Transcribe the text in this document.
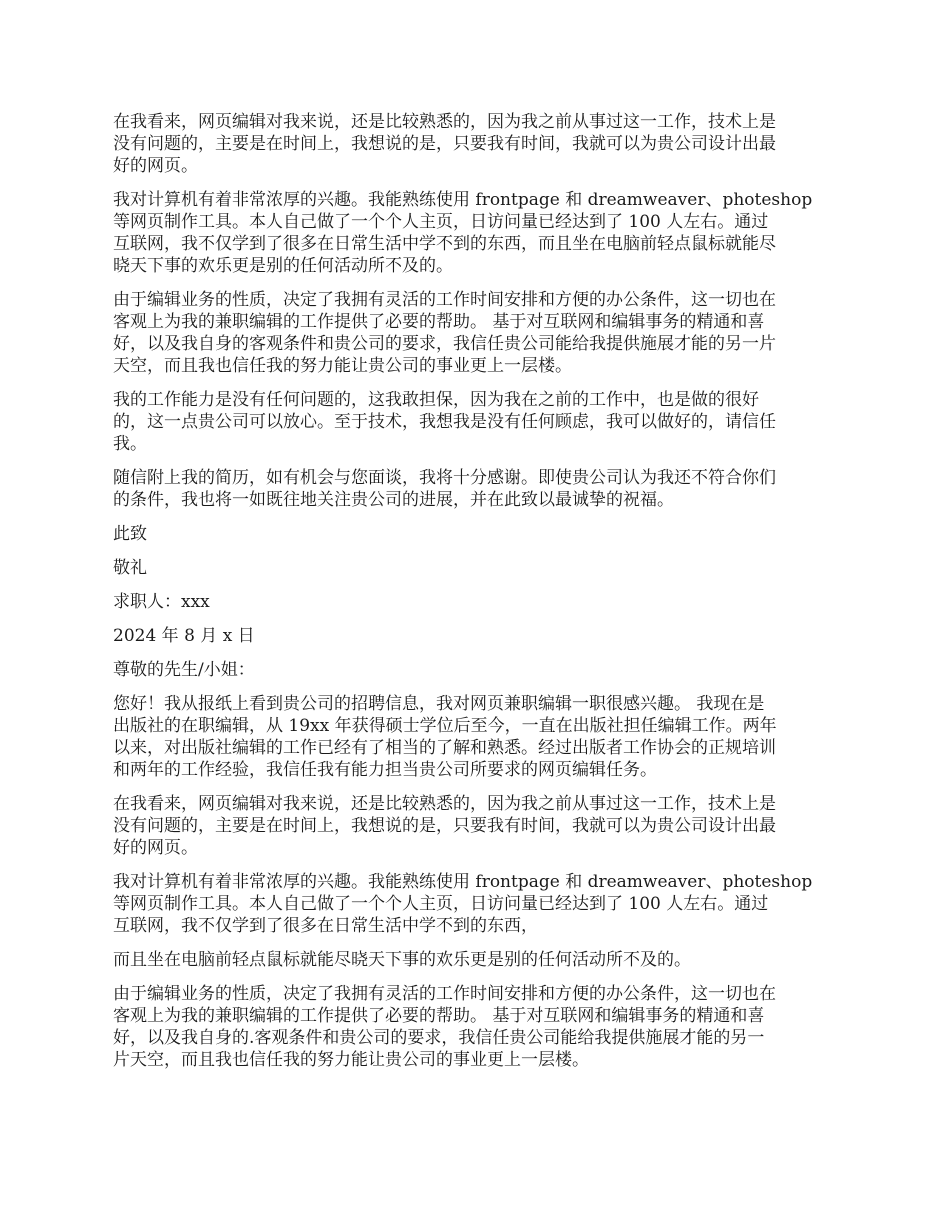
在我看来，网页编辑对我来说，还是比较熟悉的，因为我之前从事过这一工作，技术上是
没有问题的，主要是在时间上，我想说的是，只要我有时间，我就可以为贵公司设计出最
好的网页。

我对计算机有着非常浓厚的兴趣。我能熟练使用 frontpage 和 dreamweaver、photeshop
等网页制作工具。本人自己做了一个个人主页，日访问量已经达到了 100 人左右。通过
互联网，我不仅学到了很多在日常生活中学不到的东西，而且坐在电脑前轻点鼠标就能尽
晓天下事的欢乐更是别的任何活动所不及的。

由于编辑业务的性质，决定了我拥有灵活的工作时间安排和方便的办公条件，这一切也在
客观上为我的兼职编辑的工作提供了必要的帮助。 基于对互联网和编辑事务的精通和喜
好，以及我自身的客观条件和贵公司的要求，我信任贵公司能给我提供施展才能的另一片
天空，而且我也信任我的努力能让贵公司的事业更上一层楼。

我的工作能力是没有任何问题的，这我敢担保，因为我在之前的工作中，也是做的很好
的，这一点贵公司可以放心。至于技术，我想我是没有任何顾虑，我可以做好的，请信任
我。

随信附上我的简历，如有机会与您面谈，我将十分感谢。即使贵公司认为我还不符合你们
的条件，我也将一如既往地关注贵公司的进展，并在此致以最诚挚的祝福。

此致

敬礼

求职人：xxx

2024 年 8 月 x 日

尊敬的先生/小姐：

您好！我从报纸上看到贵公司的招聘信息，我对网页兼职编辑一职很感兴趣。 我现在是
出版社的在职编辑，从 19xx 年获得硕士学位后至今，一直在出版社担任编辑工作。两年
以来，对出版社编辑的工作已经有了相当的了解和熟悉。经过出版者工作协会的正规培训
和两年的工作经验，我信任我有能力担当贵公司所要求的网页编辑任务。

在我看来，网页编辑对我来说，还是比较熟悉的，因为我之前从事过这一工作，技术上是
没有问题的，主要是在时间上，我想说的是，只要我有时间，我就可以为贵公司设计出最
好的网页。

我对计算机有着非常浓厚的兴趣。我能熟练使用 frontpage 和 dreamweaver、photeshop
等网页制作工具。本人自己做了一个个人主页，日访问量已经达到了 100 人左右。通过
互联网，我不仅学到了很多在日常生活中学不到的东西，

而且坐在电脑前轻点鼠标就能尽晓天下事的欢乐更是别的任何活动所不及的。

由于编辑业务的性质，决定了我拥有灵活的工作时间安排和方便的办公条件，这一切也在
客观上为我的兼职编辑的工作提供了必要的帮助。 基于对互联网和编辑事务的精通和喜
好，以及我自身的.客观条件和贵公司的要求，我信任贵公司能给我提供施展才能的另一
片天空，而且我也信任我的努力能让贵公司的事业更上一层楼。
